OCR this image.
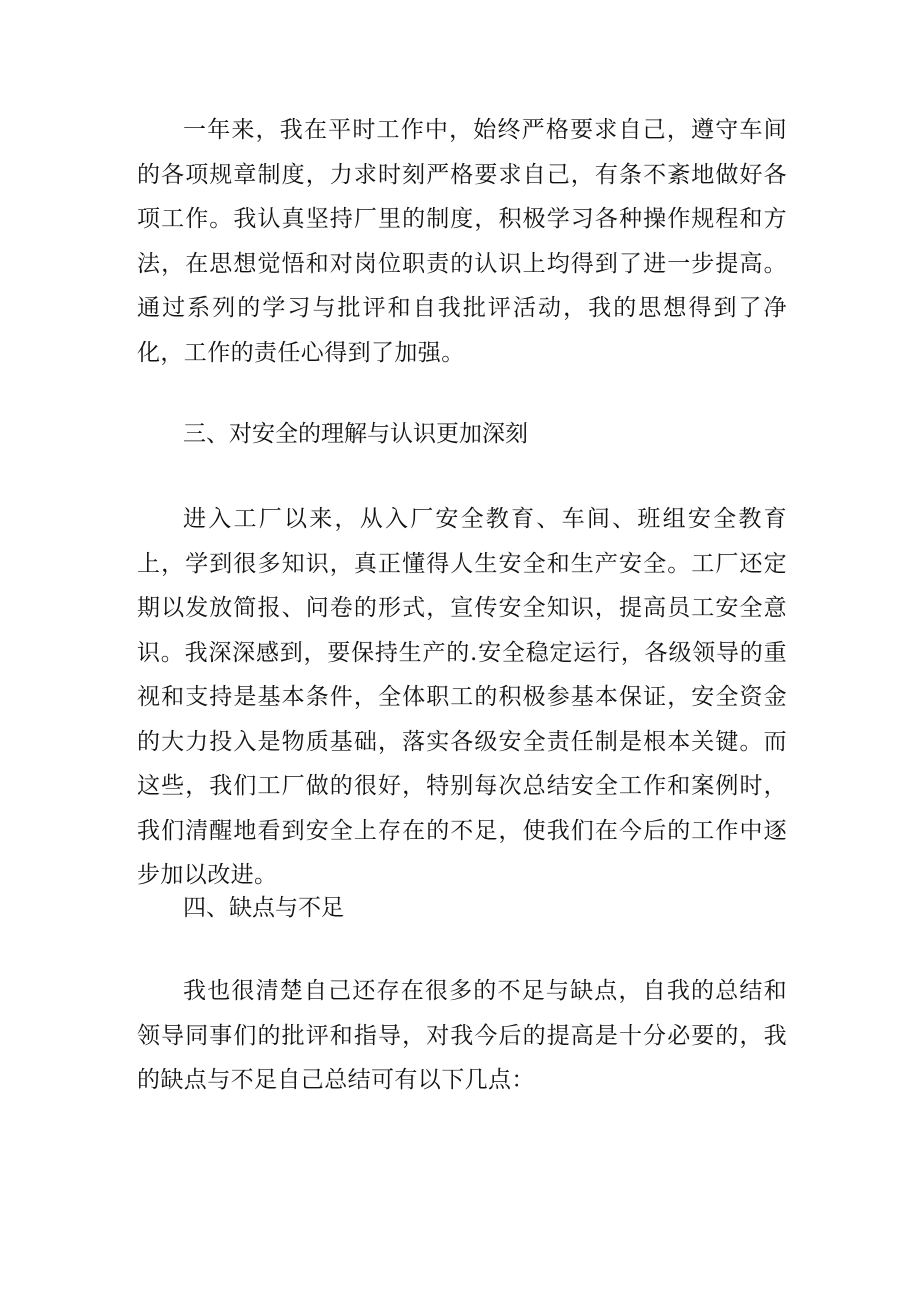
一年来，我在平时工作中，始终严格要求自己，遵守车间的各项规章制度，力求时刻严格要求自己，有条不紊地做好各项工作。我认真坚持厂里的制度，积极学习各种操作规程和方法，在思想觉悟和对岗位职责的认识上均得到了进一步提高。通过系列的学习与批评和自我批评活动，我的思想得到了净化，工作的责任心得到了加强。

三、对安全的理解与认识更加深刻

进入工厂以来，从入厂安全教育、车间、班组安全教育上，学到很多知识，真正懂得人生安全和生产安全。工厂还定期以发放简报、问卷的形式，宣传安全知识，提高员工安全意识。我深深感到，要保持生产的.安全稳定运行，各级领导的重视和支持是基本条件，全体职工的积极参基本保证，安全资金的大力投入是物质基础，落实各级安全责任制是根本关键。而这些，我们工厂做的很好，特别每次总结安全工作和案例时，我们清醒地看到安全上存在的不足，使我们在今后的工作中逐步加以改进。

四、缺点与不足

我也很清楚自己还存在很多的不足与缺点，自我的总结和领导同事们的批评和指导，对我今后的提高是十分必要的，我的缺点与不足自己总结可有以下几点：
